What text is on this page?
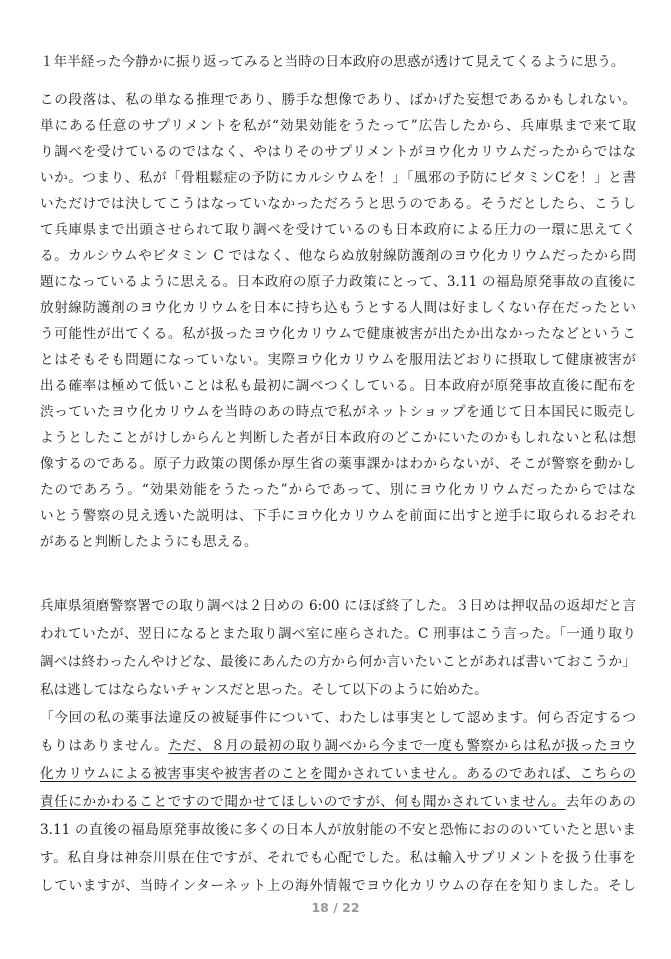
１年半経った今静かに振り返ってみると当時の日本政府の思惑が透けて見えてくるように思う。
この段落は、私の単なる推理であり、勝手な想像であり、ばかげた妄想であるかもしれない。
単にある任意のサプリメントを私が“効果効能をうたって”広告したから、兵庫県まで来て取
り調べを受けているのではなく、やはりそのサプリメントがヨウ化カリウムだったからではな
いか。つまり、私が「骨粗鬆症の予防にカルシウムを！」「風邪の予防にビタミンCを！」と書
いただけでは決してこうはなっていなかっただろうと思うのである。そうだとしたら、こうし
て兵庫県まで出頭させられて取り調べを受けているのも日本政府による圧力の一環に思えてく
る。カルシウムやビタミン C ではなく、他ならぬ放射線防護剤のヨウ化カリウムだったから問
題になっているように思える。日本政府の原子力政策にとって、3.11 の福島原発事故の直後に
放射線防護剤のヨウ化カリウムを日本に持ち込もうとする人間は好ましくない存在だったとい
う可能性が出てくる。私が扱ったヨウ化カリウムで健康被害が出たか出なかったなどというこ
とはそもそも問題になっていない。実際ヨウ化カリウムを服用法どおりに摂取して健康被害が
出る確率は極めて低いことは私も最初に調べつくしている。日本政府が原発事故直後に配布を
渋っていたヨウ化カリウムを当時のあの時点で私がネットショップを通じて日本国民に販売し
ようとしたことがけしからんと判断した者が日本政府のどこかにいたのかもしれないと私は想
像するのである。原子力政策の関係か厚生省の薬事課かはわからないが、そこが警察を動かし
たのであろう。“効果効能をうたった”からであって、別にヨウ化カリウムだったからではな
いとう警察の見え透いた説明は、下手にヨウ化カリウムを前面に出すと逆手に取られるおそれ
があると判断したようにも思える。
兵庫県須磨警察署での取り調べは２日めの 6:00 にほぼ終了した。３日めは押収品の返却だと言
われていたが、翌日になるとまた取り調べ室に座らされた。C 刑事はこう言った。「一通り取り
調べは終わったんやけどな、最後にあんたの方から何か言いたいことがあれば書いておこうか」
私は逃してはならないチャンスだと思った。そして以下のように始めた。
18 / 22
「今回の私の薬事法違反の被疑事件について、わたしは事実として認めます。何ら否定するつ
もりはありません。ただ、８月の最初の取り調べから今まで一度も警察からは私が扱ったヨウ
化カリウムによる被害事実や被害者のことを聞かされていません。あるのであれば、こちらの
責任にかかわることですので聞かせてほしいのですが、何も聞かされていません。去年のあの
3.11 の直後の福島原発事故後に多くの日本人が放射能の不安と恐怖におののいていたと思いま
す。私自身は神奈川県在住ですが、それでも心配でした。私は輸入サプリメントを扱う仕事を
していますが、当時インターネット上の海外情報でヨウ化カリウムの存在を知りました。そし
